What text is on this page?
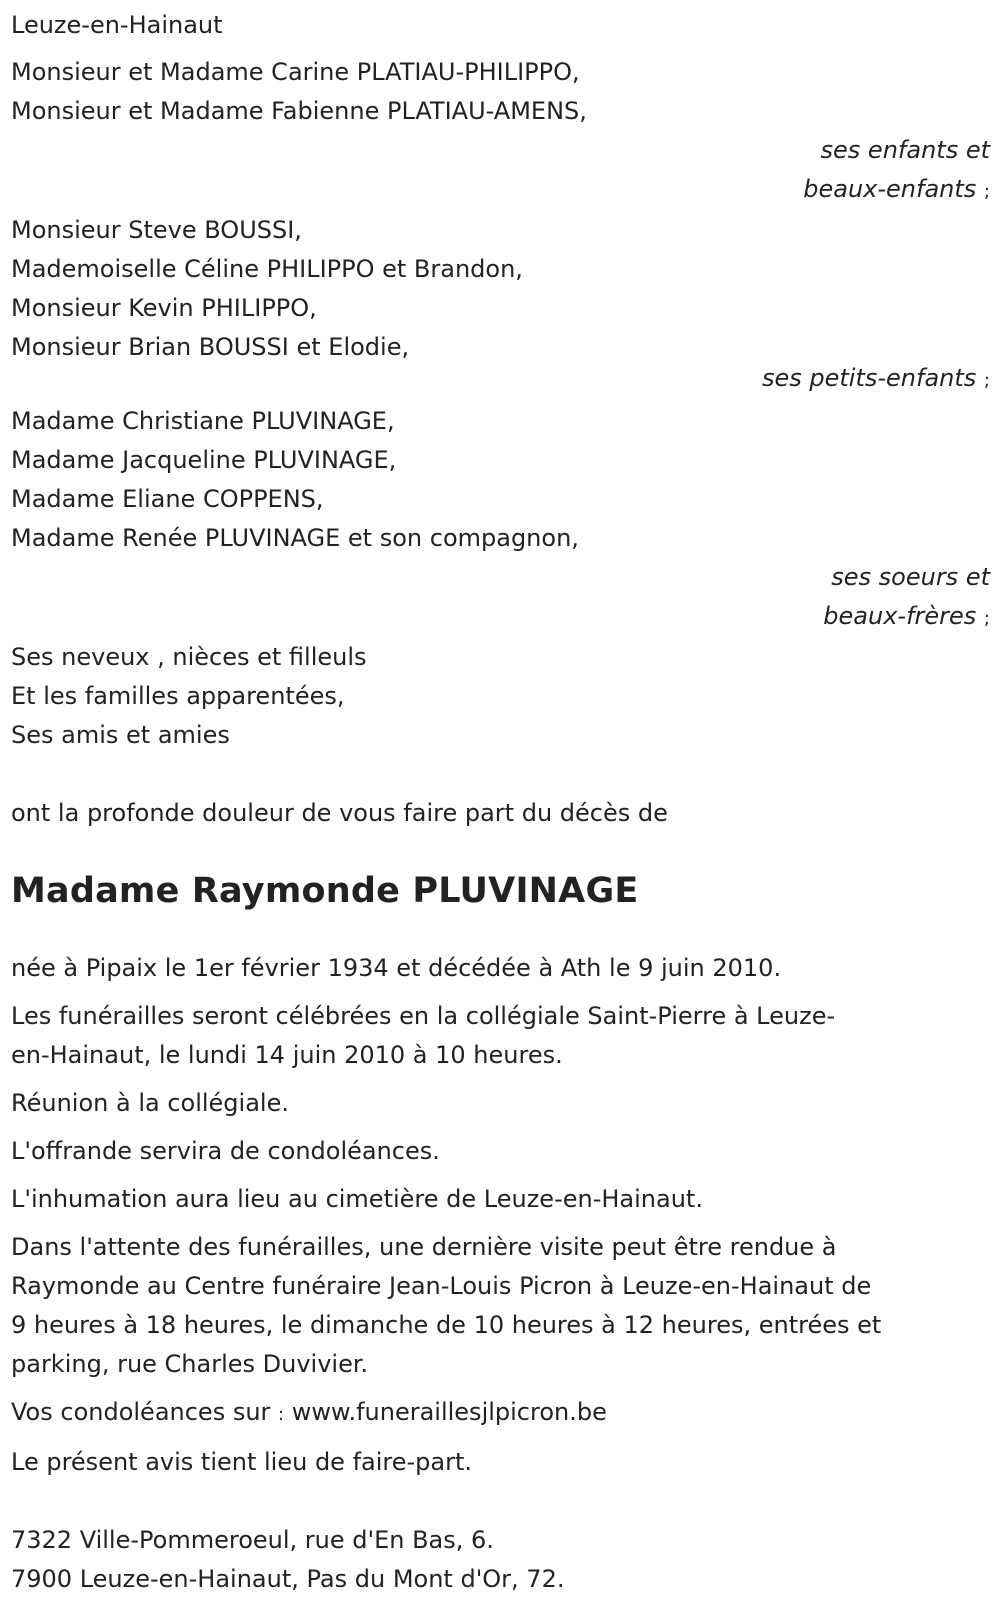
Leuze-en-Hainaut
Monsieur et Madame Carine PLATIAU-PHILIPPO,
Monsieur et Madame Fabienne PLATIAU-AMENS,
ses enfants et
beaux-enfants ;
Monsieur Steve BOUSSI,
Mademoiselle Céline PHILIPPO et Brandon,
Monsieur Kevin PHILIPPO,
Monsieur Brian BOUSSI et Elodie,
ses petits-enfants ;
Madame Christiane PLUVINAGE,
Madame Jacqueline PLUVINAGE,
Madame Eliane COPPENS,
Madame Renée PLUVINAGE et son compagnon,
ses soeurs et
beaux-frères ;
Ses neveux , nièces et filleuls
Et les familles apparentées,
Ses amis et amies
ont la profonde douleur de vous faire part du décès de
Madame Raymonde PLUVINAGE
née à Pipaix le 1er février 1934 et décédée à Ath le 9 juin 2010.
Les funérailles seront célébrées en la collégiale Saint-Pierre à Leuze-
en-Hainaut, le lundi 14 juin 2010 à 10 heures.
Réunion à la collégiale.
L'offrande servira de condoléances.
L'inhumation aura lieu au cimetière de Leuze-en-Hainaut.
Dans l'attente des funérailles, une dernière visite peut être rendue à
Raymonde au Centre funéraire Jean-Louis Picron à Leuze-en-Hainaut de
9 heures à 18 heures, le dimanche de 10 heures à 12 heures, entrées et
parking, rue Charles Duvivier.
Vos condoléances sur : www.funeraillesjlpicron.be
Le présent avis tient lieu de faire-part.
7322 Ville-Pommeroeul, rue d'En Bas, 6.
7900 Leuze-en-Hainaut, Pas du Mont d'Or, 72.
